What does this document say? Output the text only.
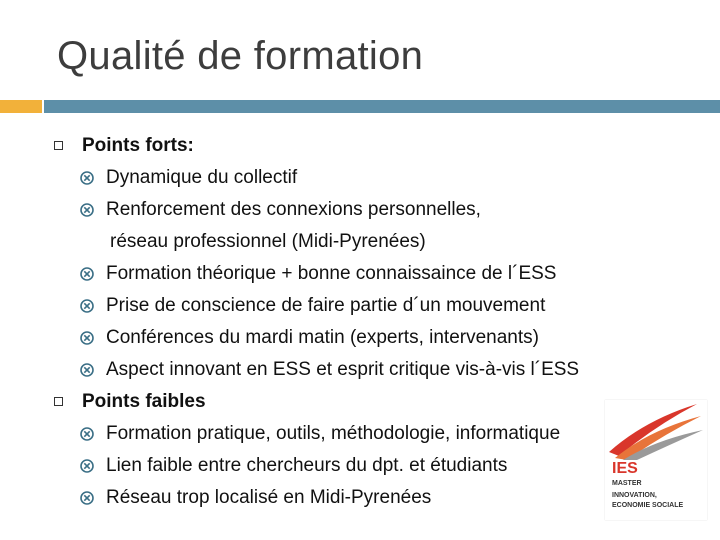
Qualité de formation
Points forts:
Dynamique du collectif
Renforcement des connexions personnelles,
réseau professionnel (Midi-Pyrenées)
Formation théorique + bonne connaissaince de l´ESS
Prise de conscience de faire partie d´un mouvement
Conférences du mardi matin (experts, intervenants)
Aspect innovant en ESS et esprit critique vis-à-vis l´ESS
Points faibles
Formation pratique, outils, méthodologie, informatique
Lien faible entre chercheurs du dpt. et étudiants
Réseau trop localisé en Midi-Pyrenées
IES
MASTER
INNOVATION,
ECONOMIE SOCIALE
